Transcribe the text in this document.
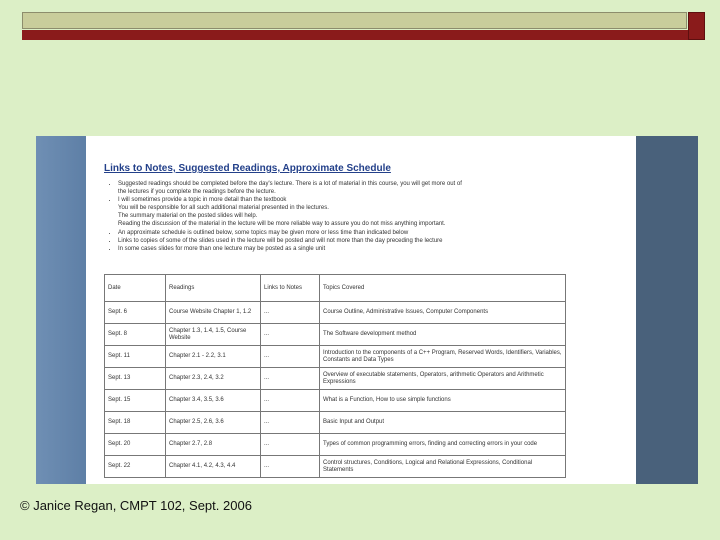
Links to Notes, Suggested Readings, Approximate Schedule
• Suggested readings should be completed before the day's lecture. There is a lot of material in this course, you will get more out of
the lectures if you complete the readings before the lecture.
• I will sometimes provide a topic in more detail than the textbook
You will be responsible for all such additional material presented in the lectures.
The summary material on the posted slides will help.
Reading the discussion of the material in the lecture will be more reliable way to assure you do not miss anything important.
• An approximate schedule is outlined below, some topics may be given more or less time than indicated below
• Links to copies of some of the slides used in the lecture will be posted and will not more than the day preceding the lecture
• In some cases slides for more than one lecture may be posted as a single unit
Date	Readings	Links to Notes	Topics Covered
Sept. 6	Course Website Chapter 1, 1.2	...	Course Outline, Administrative Issues, Computer Components
Sept. 8	Chapter 1.3, 1.4, 1.5, Course Website	...	The Software development method
Sept. 11	Chapter 2.1 - 2.2, 3.1	...	Introduction to the components of a C++ Program, Reserved Words, Identifiers, Variables, Constants and Data Types
Sept. 13	Chapter 2.3, 2.4, 3.2	...	Overview of executable statements, Operators, arithmetic Operators and Arithmetic Expressions
Sept. 15	Chapter 3.4, 3.5, 3.6	...	What is a Function, How to use simple functions
Sept. 18	Chapter 2.5, 2.6, 3.6	...	Basic Input and Output
Sept. 20	Chapter 2.7, 2.8	...	Types of common programming errors, finding and correcting errors in your code
Sept. 22	Chapter 4.1, 4.2, 4.3, 4.4	...	Control structures, Conditions, Logical and Relational Expressions, Conditional Statements
© Janice Regan, CMPT 102, Sept. 2006
